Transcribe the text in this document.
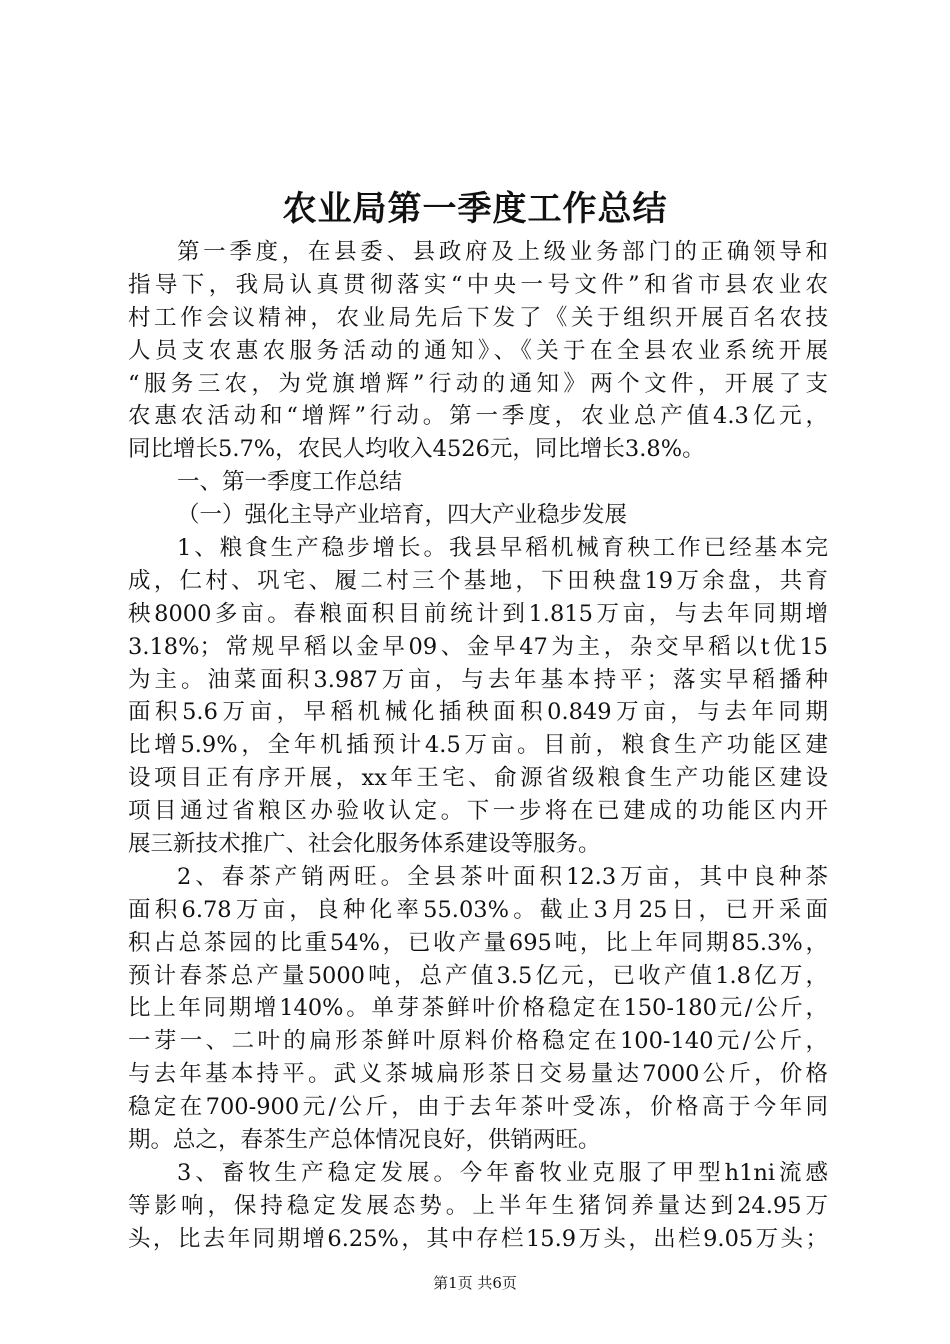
农业局第一季度工作总结
第一季度，在县委、县政府及上级业务部门的正确领导和
指导下，我局认真贯彻落实“中央一号文件”和省市县农业农
村工作会议精神，农业局先后下发了《关于组织开展百名农技
人员支农惠农服务活动的通知》、《关于在全县农业系统开展
“服务三农，为党旗增辉”行动的通知》两个文件，开展了支
农惠农活动和“增辉”行动。第一季度，农业总产值4.3亿元，
同比增长5.7%，农民人均收入4526元，同比增长3.8%。
一、第一季度工作总结
（一）强化主导产业培育，四大产业稳步发展
1、粮食生产稳步增长。我县早稻机械育秧工作已经基本完
成，仁村、巩宅、履二村三个基地，下田秧盘19万余盘，共育
秧8000多亩。春粮面积目前统计到1.815万亩，与去年同期增
3.18%；常规早稻以金早09、金早47为主，杂交早稻以t优15
为主。油菜面积3.987万亩，与去年基本持平；落实早稻播种
面积5.6万亩，早稻机械化插秧面积0.849万亩，与去年同期
比增5.9%，全年机插预计4.5万亩。目前，粮食生产功能区建
设项目正有序开展，xx年王宅、俞源省级粮食生产功能区建设
项目通过省粮区办验收认定。下一步将在已建成的功能区内开
展三新技术推广、社会化服务体系建设等服务。
2、春茶产销两旺。全县茶叶面积12.3万亩，其中良种茶
面积6.78万亩，良种化率55.03%。截止3月25日，已开采面
积占总茶园的比重54%，已收产量695吨，比上年同期85.3%，
预计春茶总产量5000吨，总产值3.5亿元，已收产值1.8亿万，
比上年同期增140%。单芽茶鲜叶价格稳定在150-180元/公斤，
一芽一、二叶的扁形茶鲜叶原料价格稳定在100-140元/公斤，
与去年基本持平。武义茶城扁形茶日交易量达7000公斤，价格
稳定在700-900元/公斤，由于去年茶叶受冻，价格高于今年同
期。总之，春茶生产总体情况良好，供销两旺。
3、畜牧生产稳定发展。今年畜牧业克服了甲型h1ni流感
等影响，保持稳定发展态势。上半年生猪饲养量达到24.95万
头，比去年同期增6.25%，其中存栏15.9万头，出栏9.05万头；
第1页 共6页
